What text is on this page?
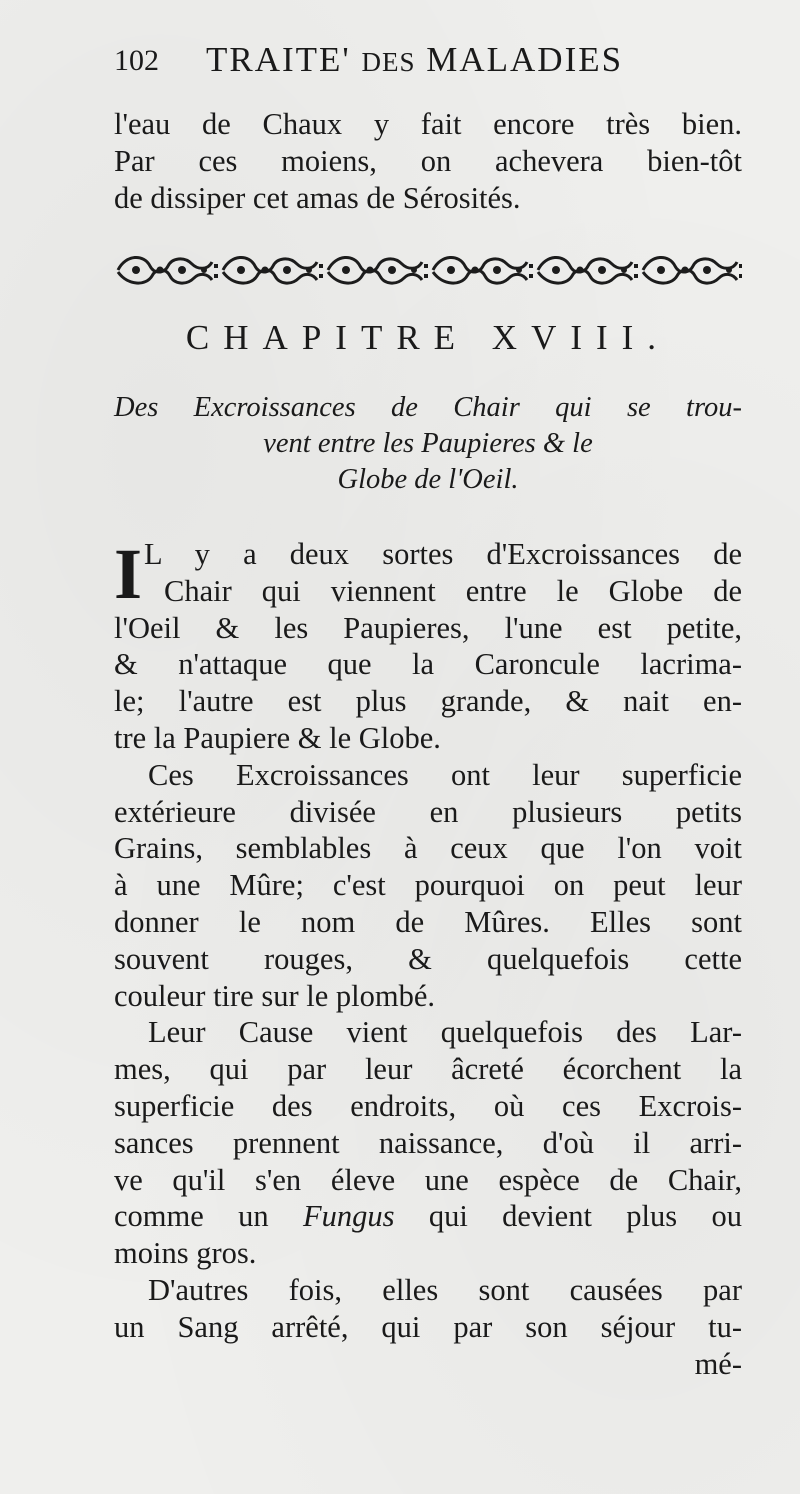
102 TRAITE' DES MALADIES
l'eau de Chaux y fait encore très bien.
Par ces moiens, on achevera bien-tôt
de dissiper cet amas de Sérosités.
CHAPITRE XVIII.
Des Excroissances de Chair qui se trou-
vent entre les Paupieres & le
Globe de l'Oeil.
I L y a deux sortes d'Excroissances de
Chair qui viennent entre le Globe de
l'Oeil & les Paupieres, l'une est petite,
& n'attaque que la Caroncule lacrima-
le; l'autre est plus grande, & nait en-
tre la Paupiere & le Globe.
Ces Excroissances ont leur superficie
extérieure divisée en plusieurs petits
Grains, semblables à ceux que l'on voit
à une Mûre; c'est pourquoi on peut leur
donner le nom de Mûres. Elles sont
souvent rouges, & quelquefois cette
couleur tire sur le plombé.
Leur Cause vient quelquefois des Lar-
mes, qui par leur âcreté écorchent la
superficie des endroits, où ces Excrois-
sances prennent naissance, d'où il arri-
ve qu'il s'en éleve une espèce de Chair,
comme un Fungus qui devient plus ou
moins gros.
D'autres fois, elles sont causées par
un Sang arrêté, qui par son séjour tu-
mé-
